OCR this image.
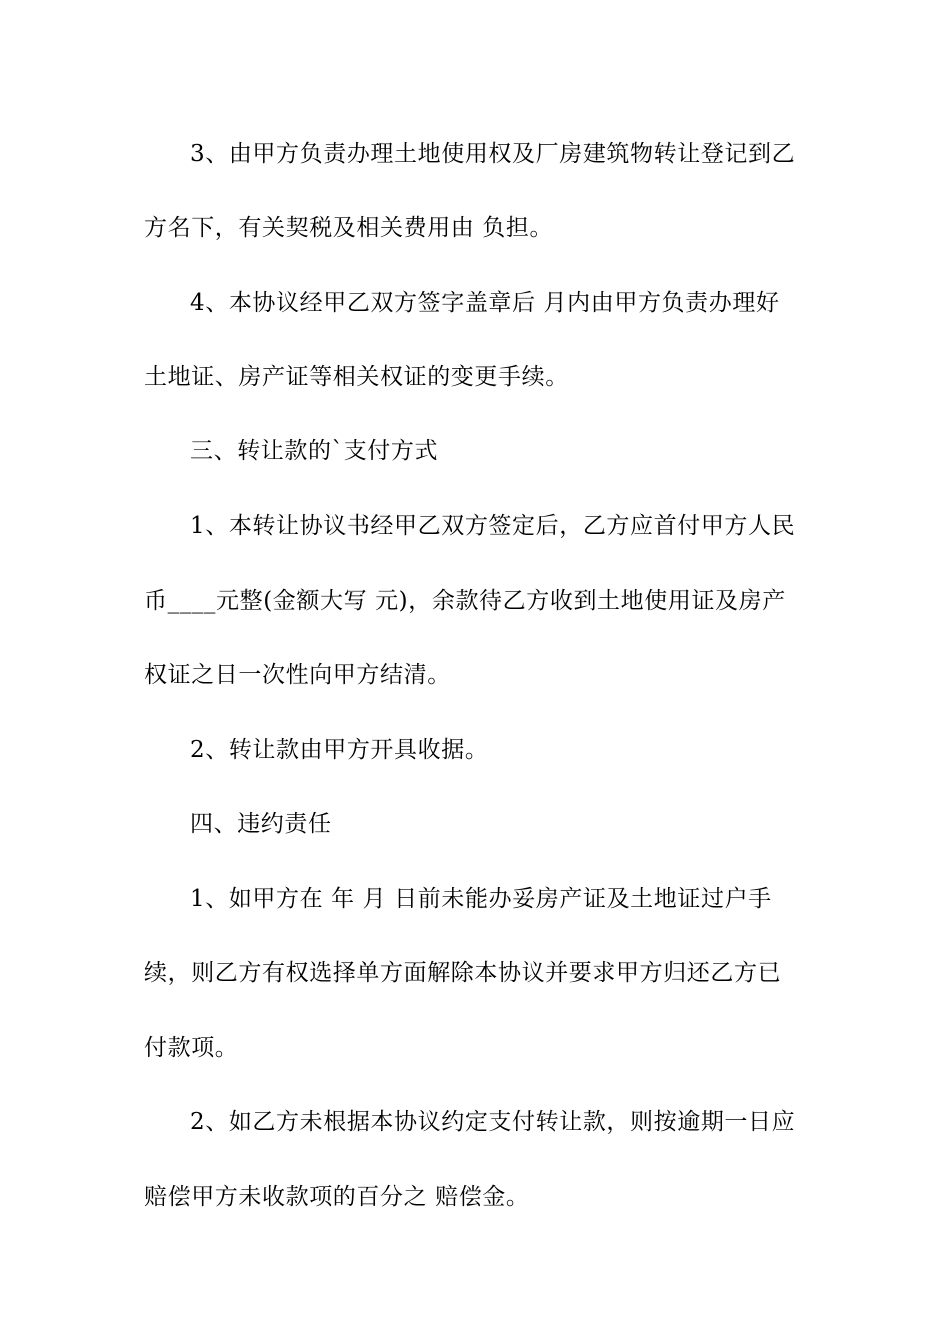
3、由甲方负责办理土地使用权及厂房建筑物转让登记到乙
方名下，有关契税及相关费用由 负担。
4、本协议经甲乙双方签字盖章后 月内由甲方负责办理好
土地证、房产证等相关权证的变更手续。
三、转让款的`支付方式
1、本转让协议书经甲乙双方签定后，乙方应首付甲方人民
币____元整(金额大写 元)，余款待乙方收到土地使用证及房产
权证之日一次性向甲方结清。
2、转让款由甲方开具收据。
四、违约责任
1、如甲方在 年 月 日前未能办妥房产证及土地证过户手
续，则乙方有权选择单方面解除本协议并要求甲方归还乙方已
付款项。
2、如乙方未根据本协议约定支付转让款，则按逾期一日应
赔偿甲方未收款项的百分之 赔偿金。
